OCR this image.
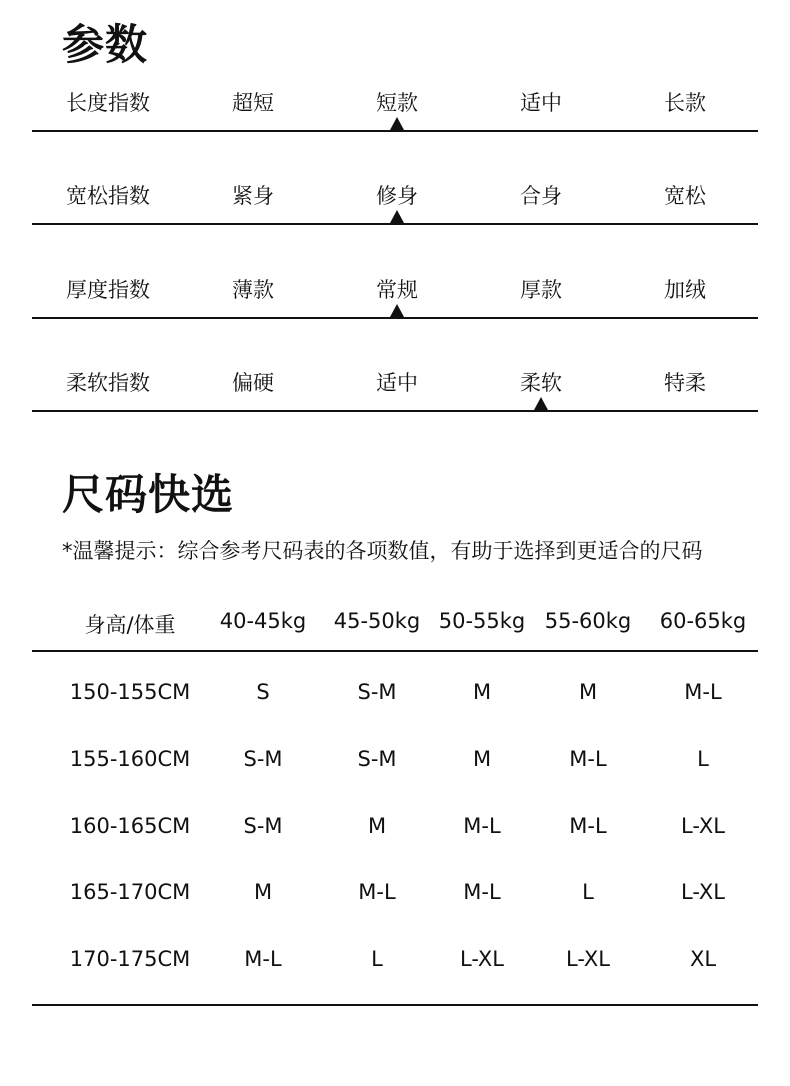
参数
长度指数	超短	短款	适中	长款
宽松指数	紧身	修身	合身	宽松
厚度指数	薄款	常规	厚款	加绒
柔软指数	偏硬	适中	柔软	特柔
尺码快选
*温馨提示：综合参考尺码表的各项数值，有助于选择到更适合的尺码
身高/体重 40-45kg 45-50kg 50-55kg 55-60kg 60-65kg
150-155CM	S	S-M	M	M	M-L
155-160CM	S-M	S-M	M	M-L	L
160-165CM	S-M	M	M-L	M-L	L-XL
165-170CM	M	M-L	M-L	L	L-XL
170-175CM	M-L	L	L-XL	L-XL	XL
